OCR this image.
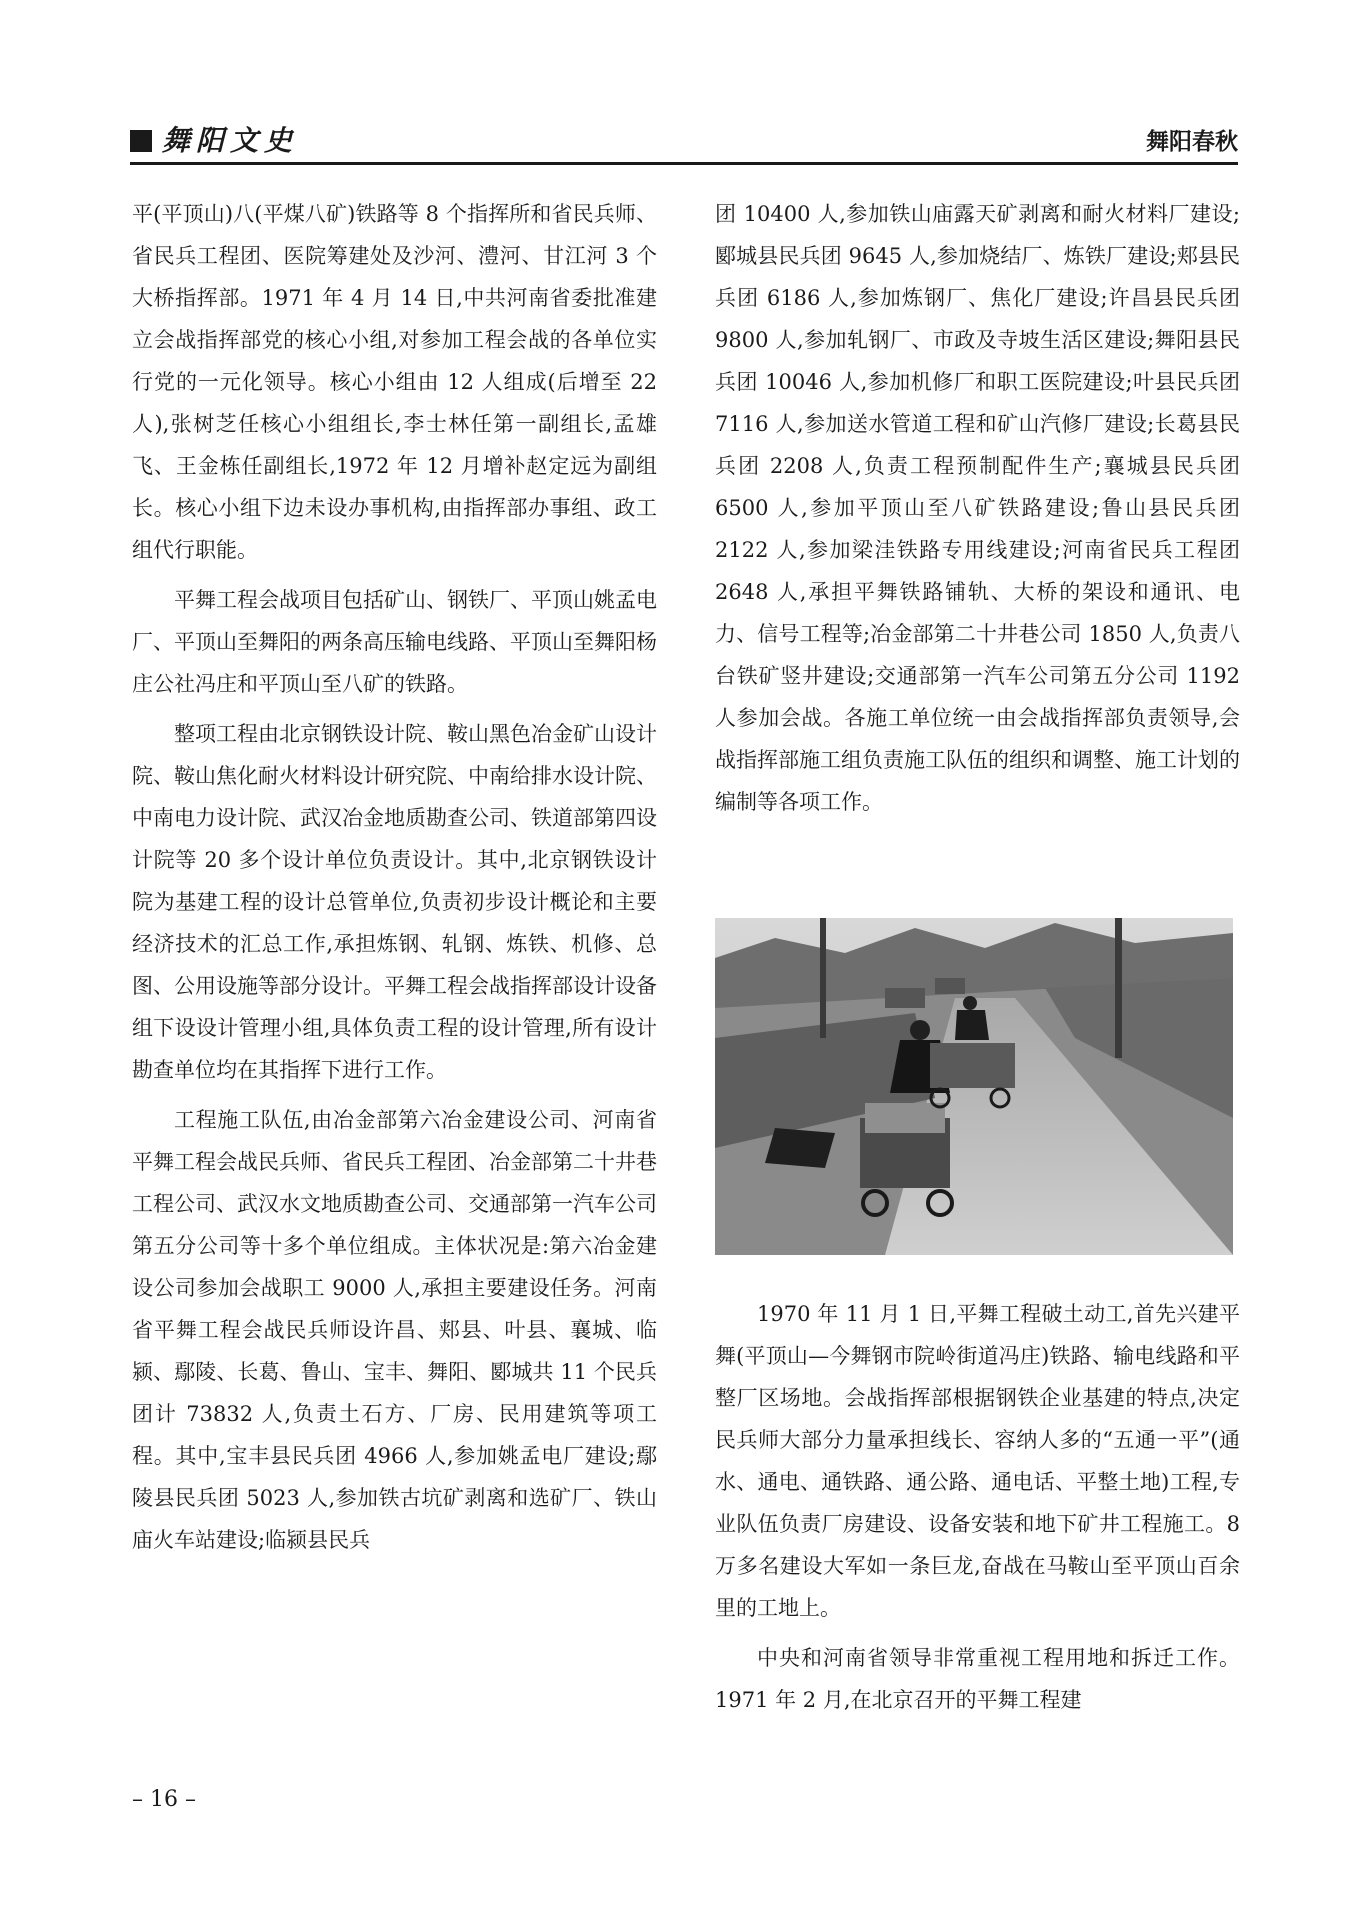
舞阳文史	舞阳春秋

平(平顶山)八(平煤八矿)铁路等 8 个指挥所和省民兵师、省民兵工程团、医院筹建处及沙河、澧河、甘江河 3 个大桥指挥部。1971 年 4 月 14 日,中共河南省委批准建立会战指挥部党的核心小组,对参加工程会战的各单位实行党的一元化领导。核心小组由 12 人组成(后增至 22 人),张树芝任核心小组组长,李士林任第一副组长,孟雄飞、王金栋任副组长,1972 年 12 月增补赵定远为副组长。核心小组下边未设办事机构,由指挥部办事组、政工组代行职能。

平舞工程会战项目包括矿山、钢铁厂、平顶山姚孟电厂、平顶山至舞阳的两条高压输电线路、平顶山至舞阳杨庄公社冯庄和平顶山至八矿的铁路。

整项工程由北京钢铁设计院、鞍山黑色冶金矿山设计院、鞍山焦化耐火材料设计研究院、中南给排水设计院、中南电力设计院、武汉冶金地质勘查公司、铁道部第四设计院等 20 多个设计单位负责设计。其中,北京钢铁设计院为基建工程的设计总管单位,负责初步设计概论和主要经济技术的汇总工作,承担炼钢、轧钢、炼铁、机修、总图、公用设施等部分设计。平舞工程会战指挥部设计设备组下设设计管理小组,具体负责工程的设计管理,所有设计勘查单位均在其指挥下进行工作。

工程施工队伍,由冶金部第六冶金建设公司、河南省平舞工程会战民兵师、省民兵工程团、冶金部第二十井巷工程公司、武汉水文地质勘查公司、交通部第一汽车公司第五分公司等十多个单位组成。主体状况是:第六冶金建设公司参加会战职工 9000 人,承担主要建设任务。河南省平舞工程会战民兵师设许昌、郏县、叶县、襄城、临颍、鄢陵、长葛、鲁山、宝丰、舞阳、郾城共 11 个民兵团计 73832 人,负责土石方、厂房、民用建筑等项工程。其中,宝丰县民兵团 4966 人,参加姚孟电厂建设;鄢陵县民兵团 5023 人,参加铁古坑矿剥离和选矿厂、铁山庙火车站建设;临颍县民兵

团 10400 人,参加铁山庙露天矿剥离和耐火材料厂建设;郾城县民兵团 9645 人,参加烧结厂、炼铁厂建设;郏县民兵团 6186 人,参加炼钢厂、焦化厂建设;许昌县民兵团 9800 人,参加轧钢厂、市政及寺坡生活区建设;舞阳县民兵团 10046 人,参加机修厂和职工医院建设;叶县民兵团 7116 人,参加送水管道工程和矿山汽修厂建设;长葛县民兵团 2208 人,负责工程预制配件生产;襄城县民兵团 6500 人,参加平顶山至八矿铁路建设;鲁山县民兵团 2122 人,参加梁洼铁路专用线建设;河南省民兵工程团 2648 人,承担平舞铁路铺轨、大桥的架设和通讯、电力、信号工程等;冶金部第二十井巷公司 1850 人,负责八台铁矿竖井建设;交通部第一汽车公司第五分公司 1192 人参加会战。各施工单位统一由会战指挥部负责领导,会战指挥部施工组负责施工队伍的组织和调整、施工计划的编制等各项工作。

1970 年 11 月 1 日,平舞工程破土动工,首先兴建平舞(平顶山—今舞钢市院岭街道冯庄)铁路、输电线路和平整厂区场地。会战指挥部根据钢铁企业基建的特点,决定民兵师大部分力量承担线长、容纳人多的“五通一平”(通水、通电、通铁路、通公路、通电话、平整土地)工程,专业队伍负责厂房建设、设备安装和地下矿井工程施工。8 万多名建设大军如一条巨龙,奋战在马鞍山至平顶山百余里的工地上。

中央和河南省领导非常重视工程用地和拆迁工作。1971 年 2 月,在北京召开的平舞工程建

– 16 –
